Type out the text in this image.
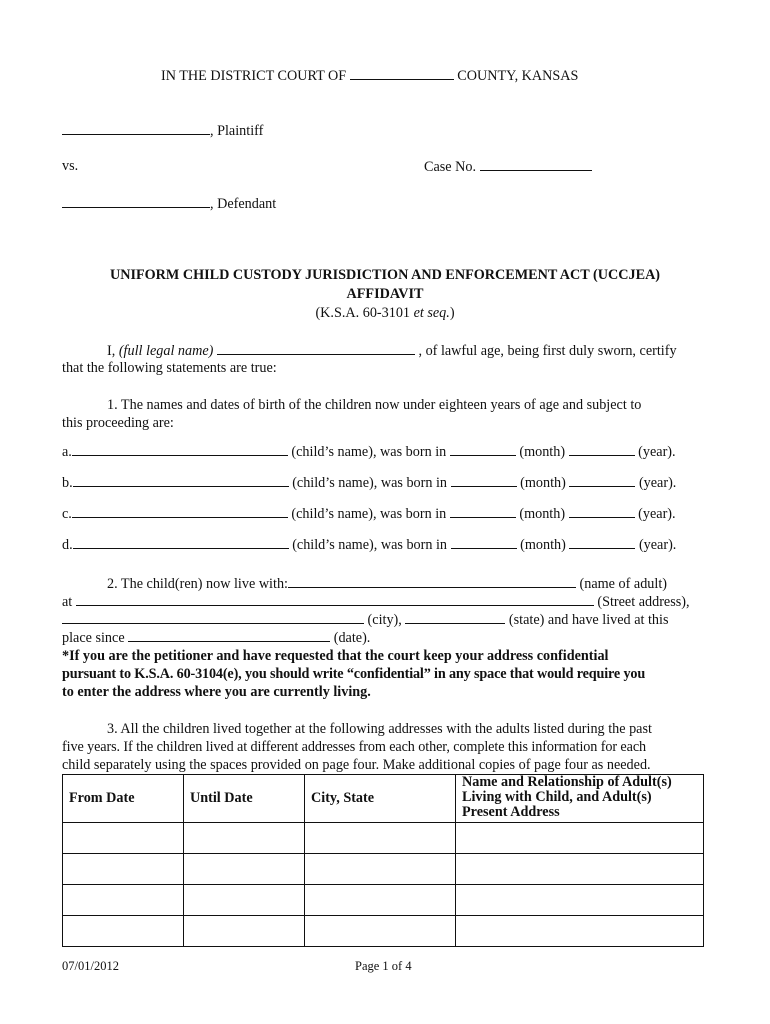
IN THE DISTRICT COURT OF	COUNTY, KANSAS
, Plaintiff
vs.	Case No.
, Defendant
UNIFORM CHILD CUSTODY JURISDICTION AND ENFORCEMENT ACT (UCCJEA)
AFFIDAVIT
(K.S.A. 60-3101 et seq.)
I, (full legal name)	, of lawful age, being first duly sworn, certify
that the following statements are true:
1. The names and dates of birth of the children now under eighteen years of age and subject to
this proceeding are:
a.	(child’s name), was born in	(month)	(year).
b.	(child’s name), was born in	(month)	(year).
c.	(child’s name), was born in	(month)	(year).
d.	(child’s name), was born in	(month)	(year).
2. The child(ren) now live with:	(name of adult)
at	(Street address),
(city),	(state) and have lived at this
place since	(date).
*If you are the petitioner and have requested that the court keep your address confidential
pursuant to K.S.A. 60-3104(e), you should write “confidential” in any space that would require you
to enter the address where you are currently living.
3. All the children lived together at the following addresses with the adults listed during the past
five years. If the children lived at different addresses from each other, complete this information for each
child separately using the spaces provided on page four. Make additional copies of page four as needed.
From Date	Until Date	City, State	Name and Relationship of Adult(s)
Living with Child, and Adult(s)
Present Address

07/01/2012	Page 1 of 4
